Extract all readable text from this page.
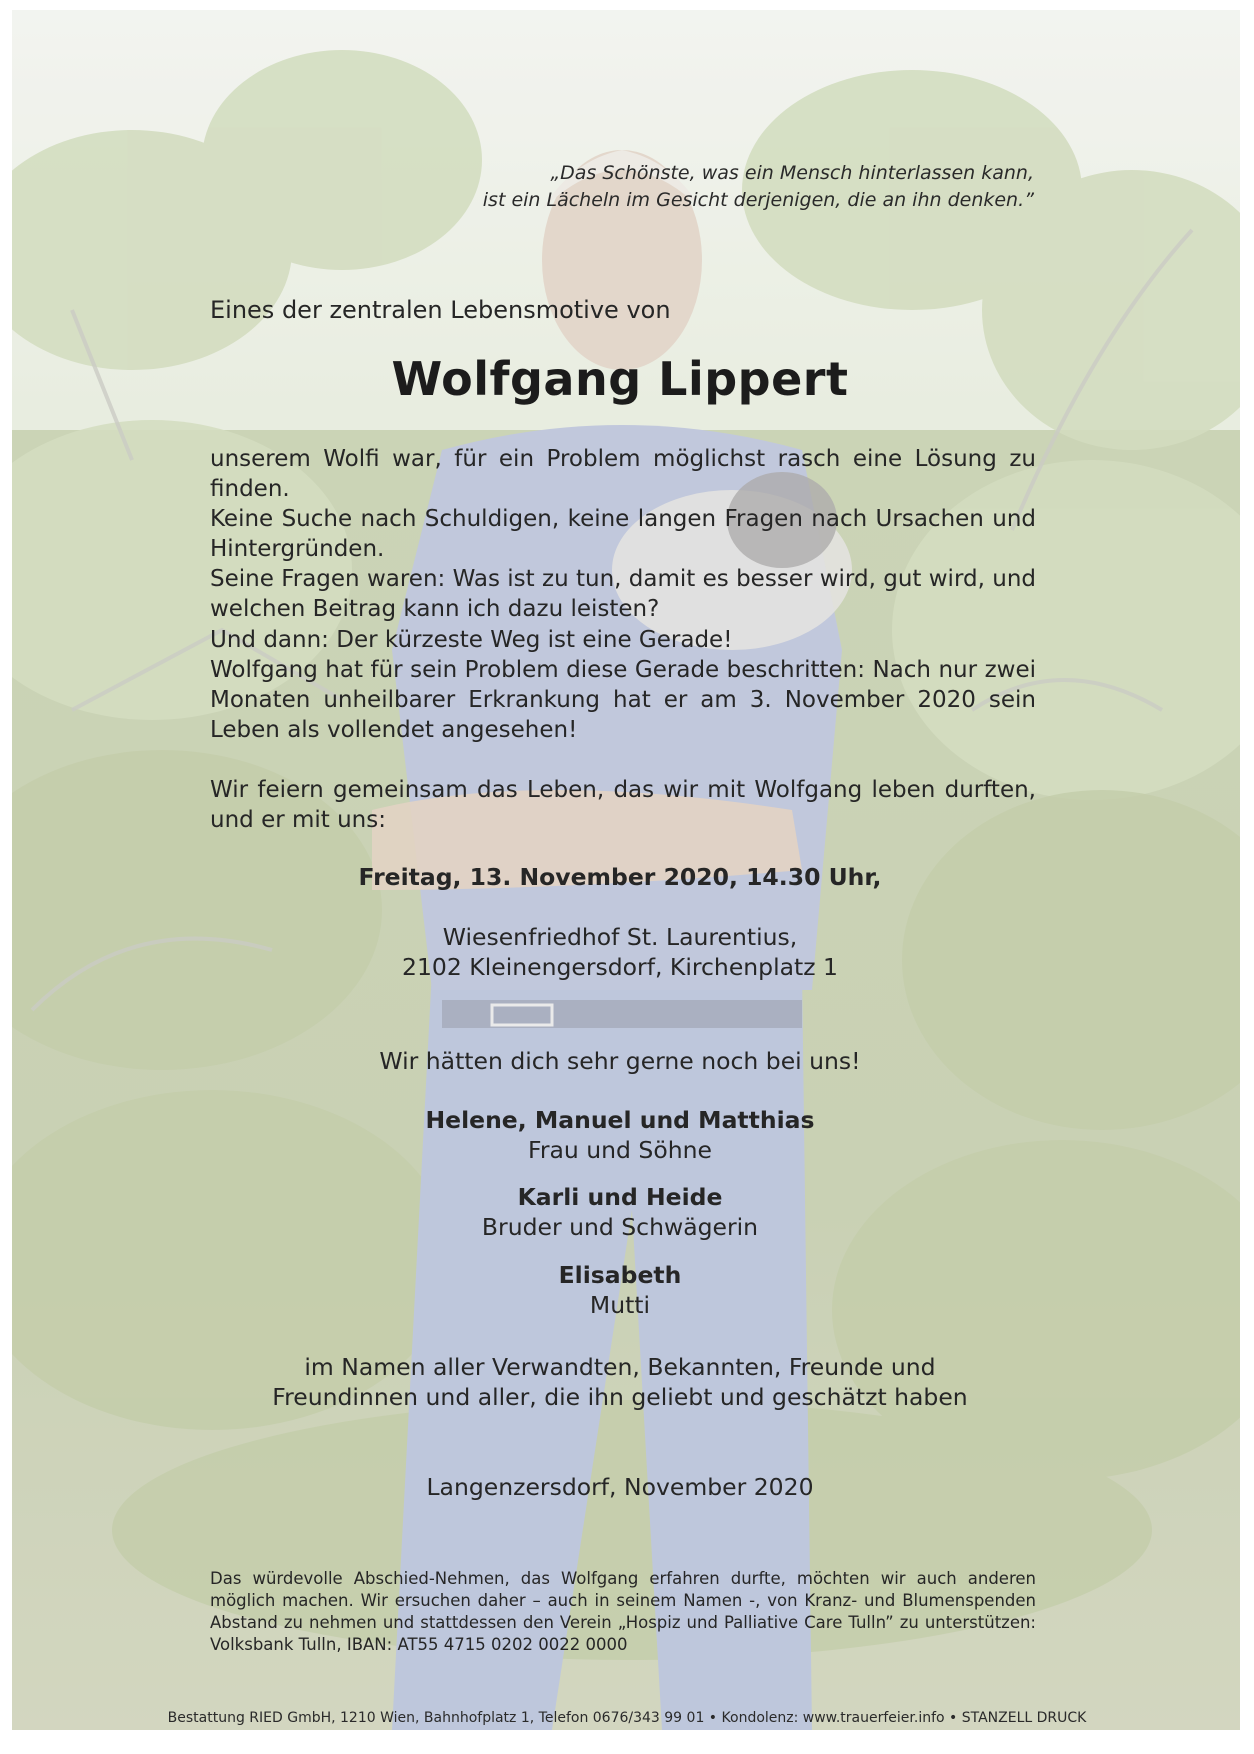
„Das Schönste, was ein Mensch hinterlassen kann,
ist ein Lächeln im Gesicht derjenigen, die an ihn denken.”
Eines der zentralen Lebensmotive von
Wolfgang Lippert

unserem Wolfi war, für ein Problem möglichst rasch eine Lösung zu finden.

Keine Suche nach Schuldigen, keine langen Fragen nach Ursachen und Hintergründen.

Seine Fragen waren: Was ist zu tun, damit es besser wird, gut wird, und welchen Beitrag kann ich dazu leisten?

Und dann: Der kürzeste Weg ist eine Gerade!

Wolfgang hat für sein Problem diese Gerade beschritten: Nach nur zwei Monaten unheilbarer Erkrankung hat er am 3. November 2020 sein Leben als vollendet angesehen!

Wir feiern gemeinsam das Leben, das wir mit Wolfgang leben durften, und er mit uns:

Freitag, 13. November 2020, 14.30 Uhr,
Wiesenfriedhof St. Laurentius,
2102 Kleinengersdorf, Kirchenplatz 1
Wir hätten dich sehr gerne noch bei uns!
Helene, Manuel und Matthias
Frau und Söhne
Karli und Heide
Bruder und Schwägerin
Elisabeth
Mutti
im Namen aller Verwandten, Bekannten, Freunde und
Freundinnen und aller, die ihn geliebt und geschätzt haben
Langenzersdorf, November 2020
Das würdevolle Abschied-Nehmen, das Wolfgang erfahren durfte, möchten wir auch anderen möglich machen. Wir ersuchen daher – auch in seinem Namen -, von Kranz- und Blumenspenden Abstand zu nehmen und stattdessen den Verein „Hospiz und Palliative Care Tulln” zu unterstützen: Volksbank Tulln, IBAN: AT55 4715 0202 0022 0000
Bestattung RIED GmbH, 1210 Wien, Bahnhofplatz 1, Telefon 0676/343 99 01 • Kondolenz: www.trauerfeier.info • STANZELL DRUCK
